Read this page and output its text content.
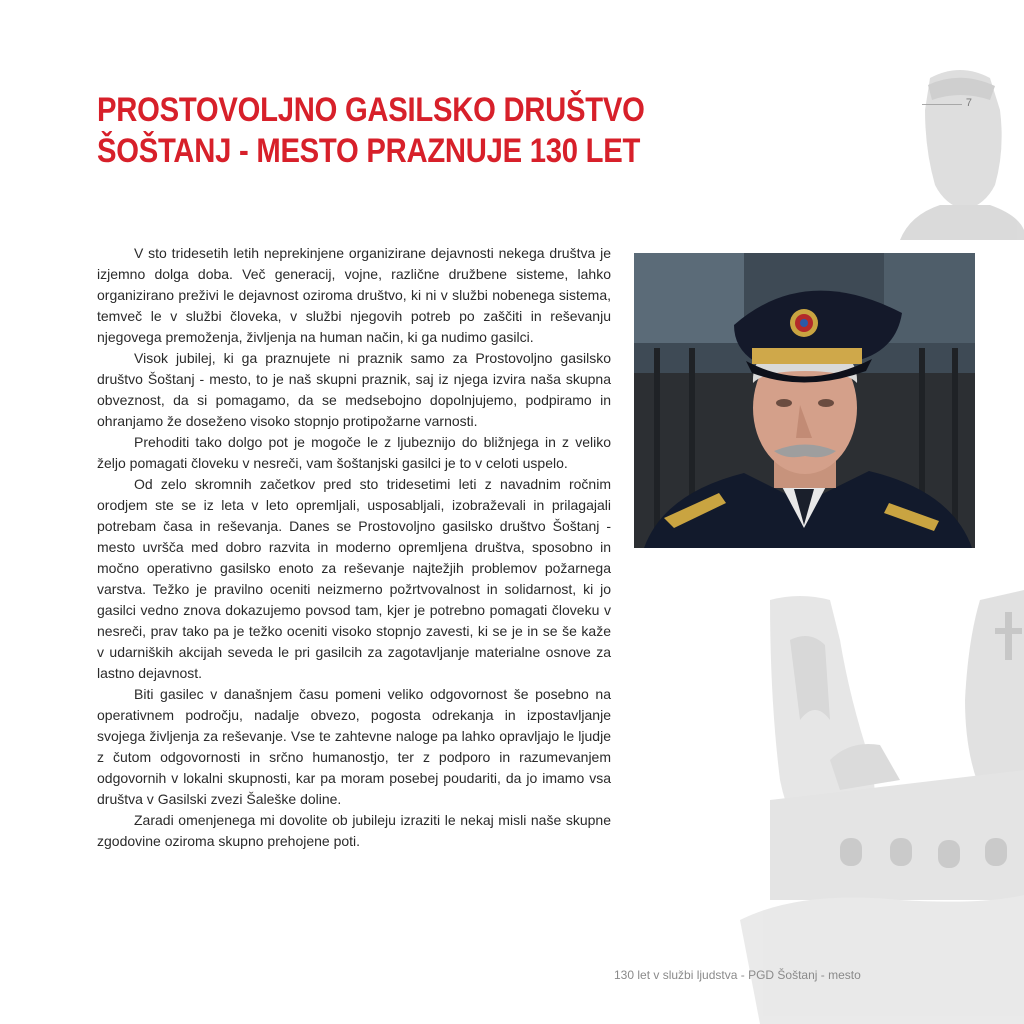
7
PROSTOVOLJNO GASILSKO DRUŠTVO
ŠOŠTANJ - MESTO PRAZNUJE 130 LET

V sto tridesetih letih neprekinjene organizirane dejavnosti nekega društva je izjemno dolga doba. Več generacij, vojne, različne družbene sisteme, lahko organizirano preživi le dejavnost oziroma društvo, ki ni v službi nobenega sistema, temveč le v službi človeka, v službi njegovih potreb po zaščiti in reševanju njegovega premoženja, življenja na human način, ki ga nudimo gasilci.

Visok jubilej, ki ga praznujete ni praznik samo za Prostovoljno gasilsko društvo Šoštanj - mesto, to je naš skupni praznik, saj iz njega izvira naša skupna obveznost, da si pomagamo, da se medsebojno dopolnjujemo, podpiramo in ohranjamo že doseženo visoko stopnjo protipožarne varnosti.

Prehoditi tako dolgo pot je mogoče le z ljubeznijo do bližnjega in z veliko željo pomagati človeku v nesreči, vam šoštanjski gasilci je to v celoti uspelo.

Od zelo skromnih začetkov pred sto tridesetimi leti z navadnim ročnim orodjem ste se iz leta v leto opremljali, usposabljali, izobraževali in prilagajali potrebam časa in reševanja. Danes se Prostovoljno gasilsko društvo Šoštanj - mesto uvršča med dobro razvita in moderno opremljena društva, sposobno in močno operativno gasilsko enoto za reševanje najtežjih problemov požarnega varstva. Težko je pravilno oceniti neizmerno požrtvovalnost in solidarnost, ki jo gasilci vedno znova dokazujemo povsod tam, kjer je potrebno pomagati človeku v nesreči, prav tako pa je težko oceniti visoko stopnjo zavesti, ki se je in se še kaže v udarniških akcijah seveda le pri gasilcih za zagotavljanje materialne osnove za lastno dejavnost.

Biti gasilec v današnjem času pomeni veliko odgovornost še posebno na operativnem področju, nadalje obvezo, pogosta odrekanja in izpostavljanje svojega življenja za reševanje. Vse te zahtevne naloge pa lahko opravljajo le ljudje z čutom odgovornosti in srčno humanostjo, ter z podporo in razumevanjem odgovornih v lokalni skupnosti, kar pa moram posebej poudariti, da jo imamo vsa društva v Gasilski zvezi Šaleške doline.

Zaradi omenjenega mi dovolite ob jubileju izraziti le nekaj misli naše skupne zgodovine oziroma skupno prehojene poti.

130 let v službi ljudstva - PGD Šoštanj - mesto
